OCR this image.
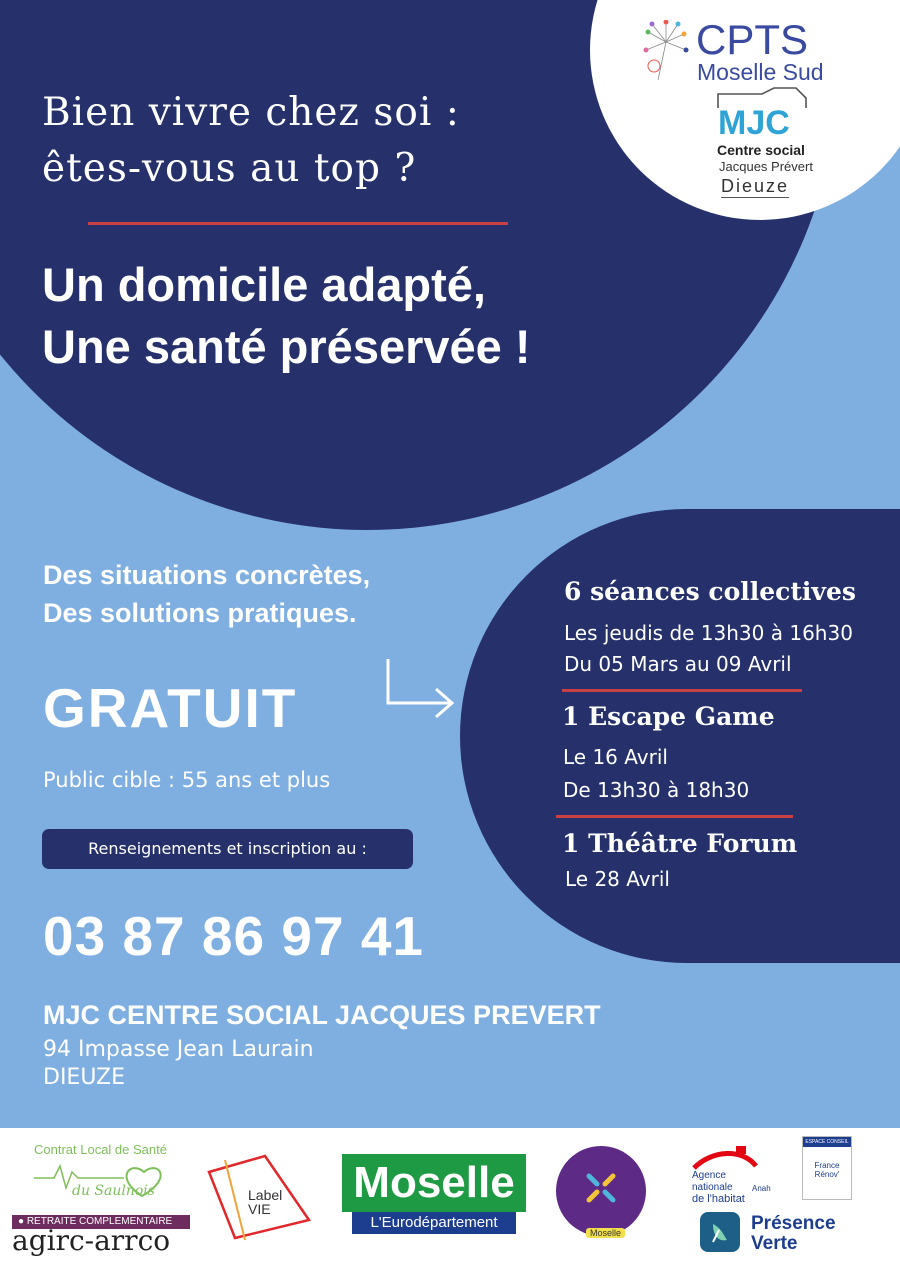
CPTS
Moselle Sud
MJC
Centre social
Jacques Prévert
Dieuze
Bien vivre chez soi :
êtes-vous au top ?
Un domicile adapté,
Une santé préservée !
Des situations concrètes,
Des solutions pratiques.
GRATUIT
Public cible : 55 ans et plus
Renseignements et inscription au :
03 87 86 97 41
MJC CENTRE SOCIAL JACQUES PREVERT
94 Impasse Jean Laurain
DIEUZE
6 séances collectives
Les jeudis de 13h30 à 16h30
Du 05 Mars au 09 Avril
1 Escape Game
Le 16 Avril
De 13h30 à 18h30
1 Théâtre Forum
Le 28 Avril
Contrat Local de Santé
du Saulnois
● RETRAITE COMPLEMENTAIRE
agirc-arrco
Label VIE
Moselle
L'Eurodépartement
Moselle
Agence
nationale
de l'habitat
Anah
ESPACE CONSEIL
France Rénov'
Présence
Verte
